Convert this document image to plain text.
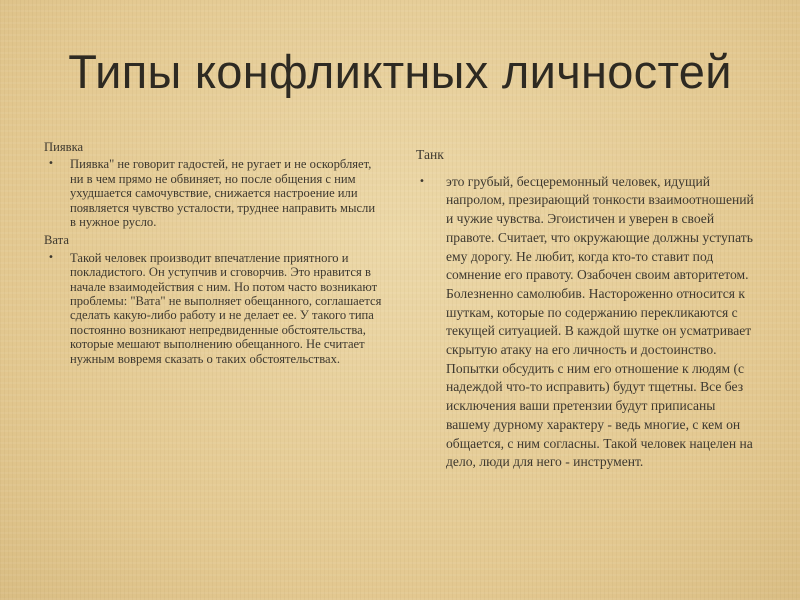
Типы конфликтных личностей
Пиявка
•	Пиявка" не говорит гадостей, не ругает и не оскорбляет, ни в чем прямо не обвиняет, но после общения с ним ухудшается самочувствие, снижается настроение или появляется чувство усталости, труднее направить мысли в нужное русло.
Вата
•	Такой человек производит впечатление приятного и покладистого. Он уступчив и сговорчив. Это нравится в начале взаимодействия с ним. Но потом часто возникают проблемы: "Вата" не выполняет обещанного, соглашается сделать какую-либо работу и не делает ее. У такого типа постоянно возникают непредвиденные обстоятельства, которые мешают выполнению обещанного. Не считает нужным вовремя сказать о таких обстоятельствах.
Танк
•	это грубый, бесцеремонный человек, идущий напролом, презирающий тонкости взаимоотношений и чужие чувства. Эгоистичен и уверен в своей правоте. Считает, что окружающие должны уступать ему дорогу. Не любит, когда кто-то ставит под сомнение его правоту. Озабочен своим авторитетом. Болезненно самолюбив. Настороженно относится к шуткам, которые по содержанию перекликаются с текущей ситуацией. В каждой шутке он усматривает скрытую атаку на его личность и достоинство. Попытки обсудить с ним его отношение к людям (с надеждой что-то исправить) будут тщетны. Все без исключения ваши претензии будут приписаны вашему дурному характеру - ведь многие, с кем он общается, с ним согласны. Такой человек нацелен на дело, люди для него - инструмент.
